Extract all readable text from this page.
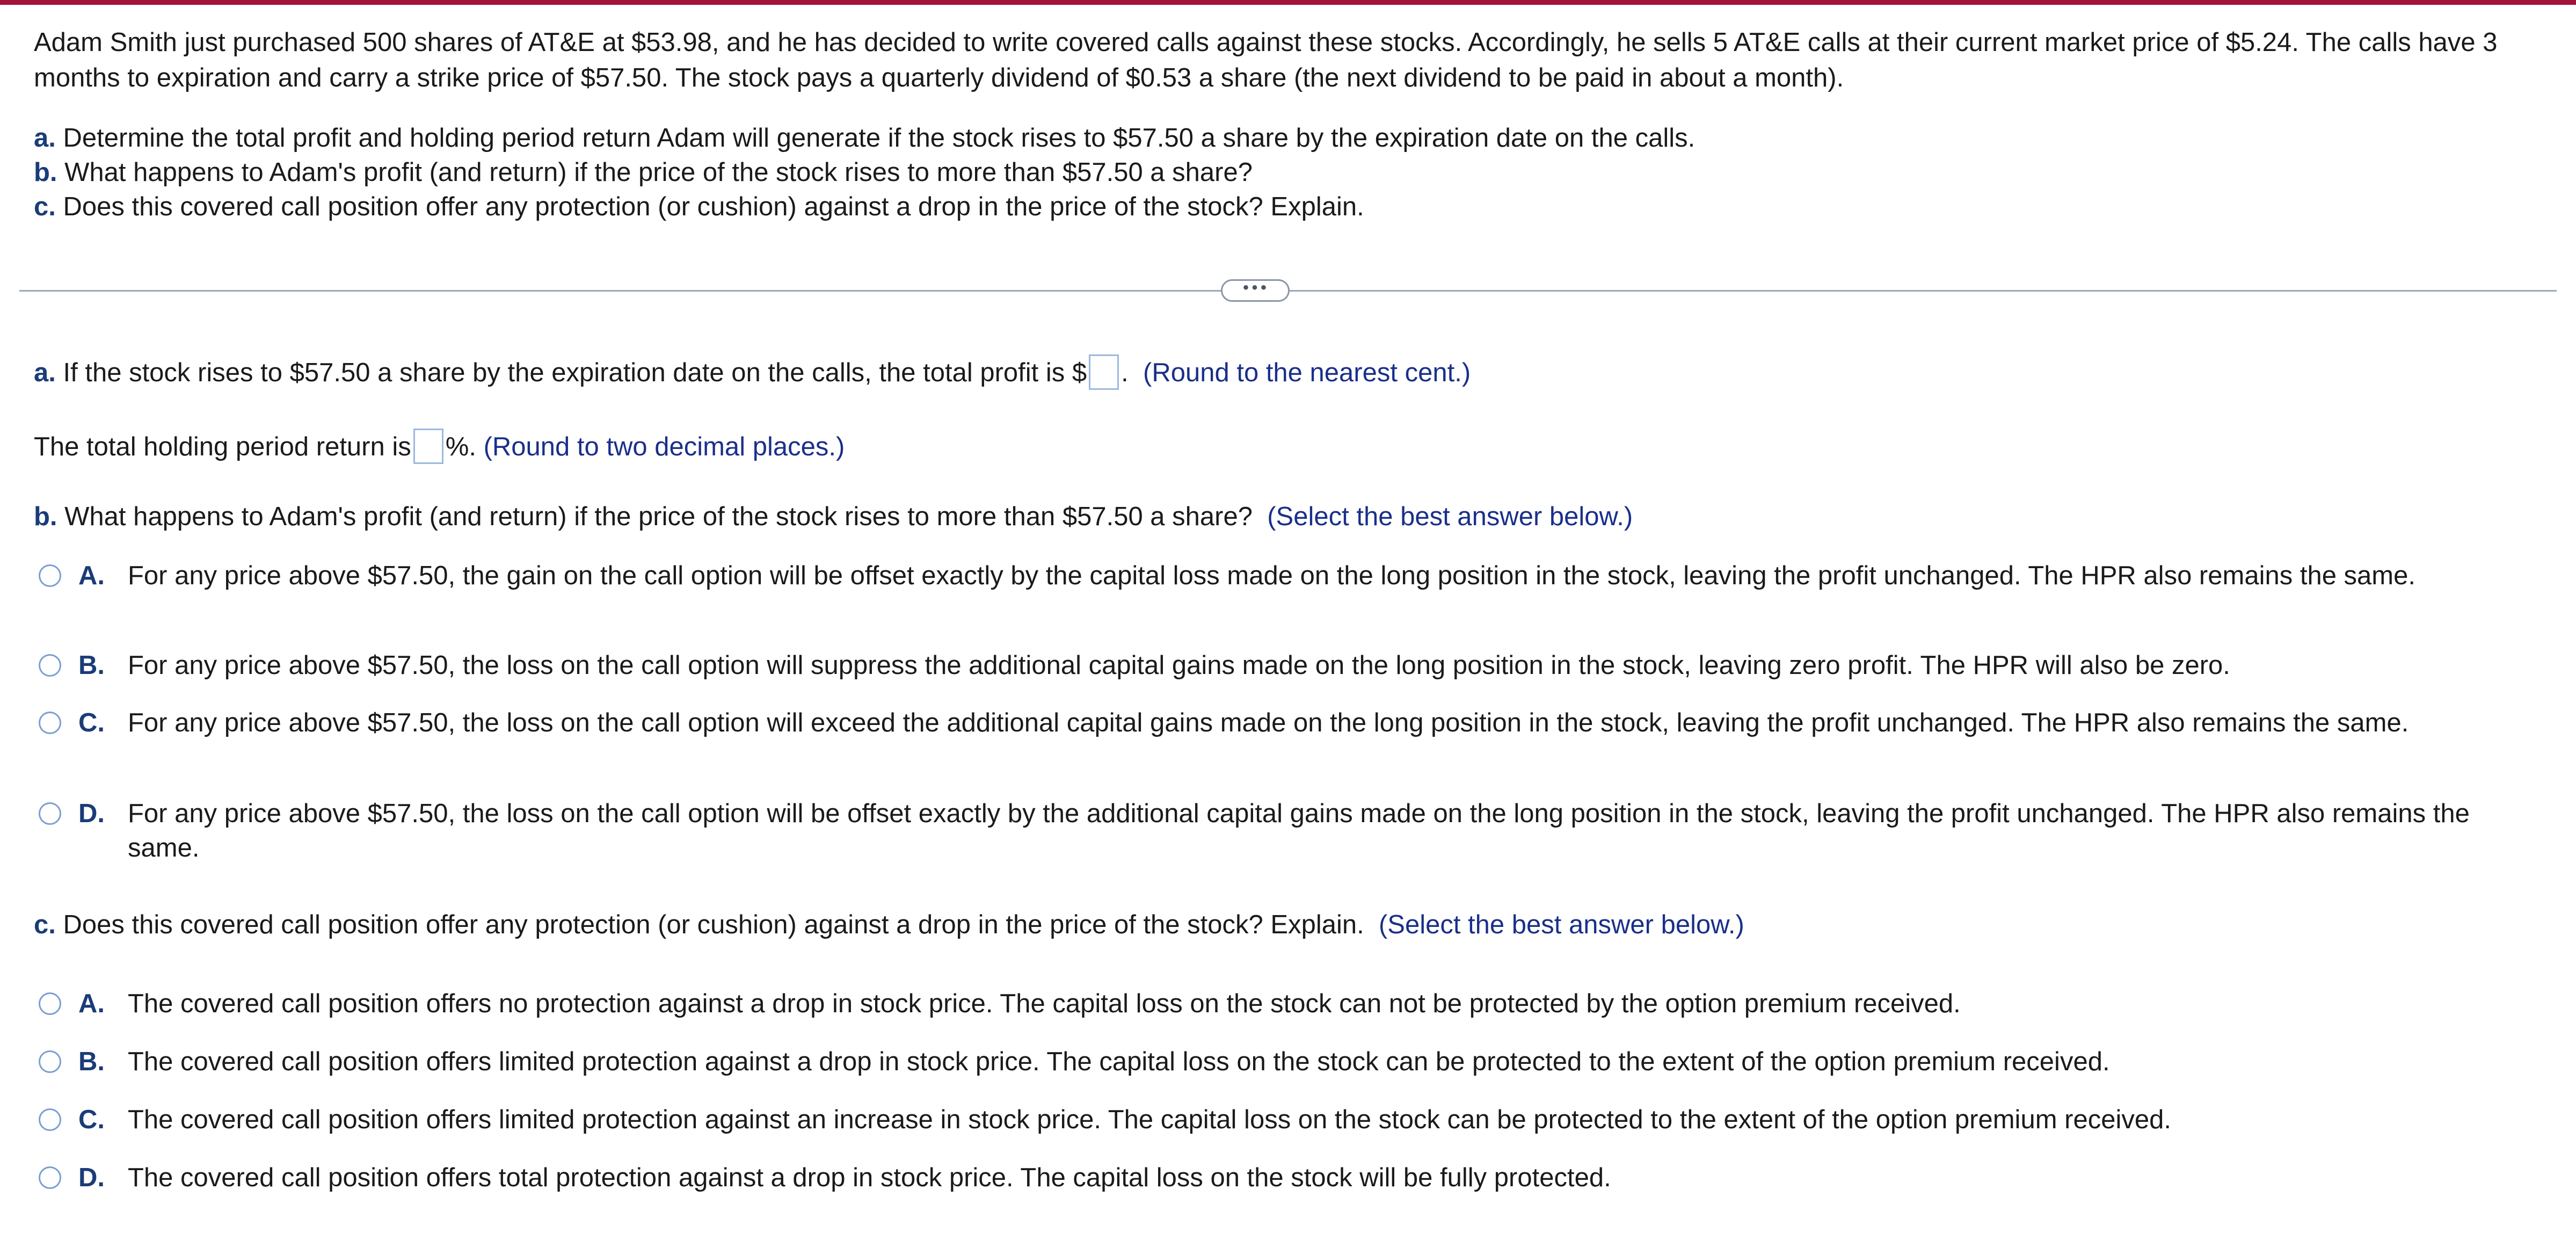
Adam Smith just purchased 500 shares of AT&E at $53.98, and he has decided to write covered calls against these stocks. Accordingly, he sells 5 AT&E calls at their current market price of $5.24. The calls have 3 months to expiration and carry a strike price of $57.50. The stock pays a quarterly dividend of $0.53 a share (the next dividend to be paid in about a month).

a. Determine the total profit and holding period return Adam will generate if the stock rises to $57.50 a share by the expiration date on the calls.
b. What happens to Adam's profit (and return) if the price of the stock rises to more than $57.50 a share?
c. Does this covered call position offer any protection (or cushion) against a drop in the price of the stock? Explain.
•••
a. If the stock rises to $57.50 a share by the expiration date on the calls, the total profit is $ . (Round to the nearest cent.)
The total holding period return is %. (Round to two decimal places.)
b. What happens to Adam's profit (and return) if the price of the stock rises to more than $57.50 a share? (Select the best answer below.)
A. For any price above $57.50, the gain on the call option will be offset exactly by the capital loss made on the long position in the stock, leaving the profit unchanged. The HPR also remains the same.
B. For any price above $57.50, the loss on the call option will suppress the additional capital gains made on the long position in the stock, leaving zero profit. The HPR will also be zero.
C. For any price above $57.50, the loss on the call option will exceed the additional capital gains made on the long position in the stock, leaving the profit unchanged. The HPR also remains the same.
D. For any price above $57.50, the loss on the call option will be offset exactly by the additional capital gains made on the long position in the stock, leaving the profit unchanged. The HPR also remains the same.
c. Does this covered call position offer any protection (or cushion) against a drop in the price of the stock? Explain. (Select the best answer below.)
A. The covered call position offers no protection against a drop in stock price. The capital loss on the stock can not be protected by the option premium received.
B. The covered call position offers limited protection against a drop in stock price. The capital loss on the stock can be protected to the extent of the option premium received.
C. The covered call position offers limited protection against an increase in stock price. The capital loss on the stock can be protected to the extent of the option premium received.
D. The covered call position offers total protection against a drop in stock price. The capital loss on the stock will be fully protected.
